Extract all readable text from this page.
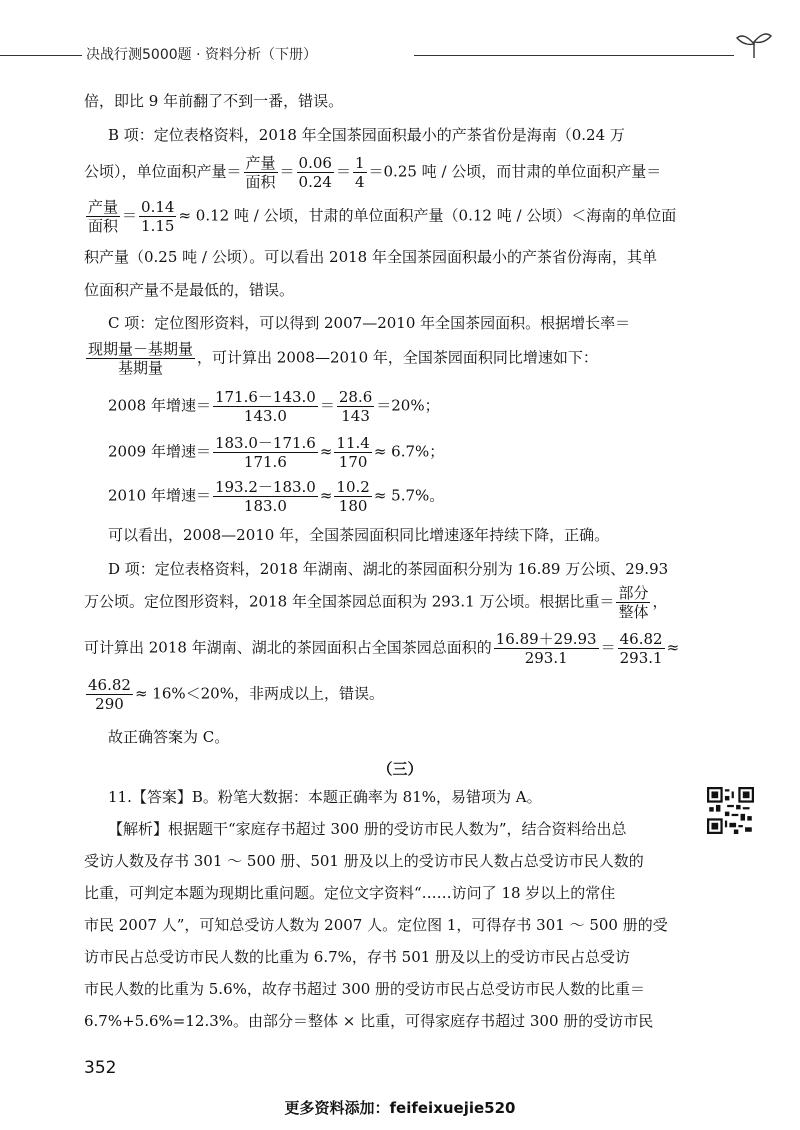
决战行测5000题 · 资料分析（下册）
倍，即比 9 年前翻了不到一番，错误。
B 项：定位表格资料，2018 年全国茶园面积最小的产茶省份是海南（0.24 万
公顷），单位面积产量＝ $\frac{\text{产量}}{\text{面积}} = \frac{0.06}{0.24} = \frac{1}{4} =0.25$ 吨 / 公顷，而甘肃的单位面积产量＝
$\frac{\text{产量}}{\text{面积}} = \frac{0.14}{1.15} \approx 0.12$ 吨 / 公顷，甘肃的单位面积产量（0.12 吨 / 公顷）＜海南的单位面
积产量（0.25 吨 / 公顷）。可以看出 2018 年全国茶园面积最小的产茶省份海南，其单
位面积产量不是最低的，错误。
C 项：定位图形资料，可以得到 2007—2010 年全国茶园面积。根据增长率＝
$\frac{\text{现期量－基期量}}{\text{基期量}}$ ，可计算出 2008—2010 年，全国茶园面积同比增速如下：
2008 年增速＝ $\frac{171.6-143.0}{143.0} = \frac{28.6}{143} =20\%$；
2009 年增速＝ $\frac{183.0-171.6}{171.6} \approx \frac{11.4}{170} \approx 6.7\%$；
2010 年增速＝ $\frac{193.2-183.0}{183.0} \approx \frac{10.2}{180} \approx 5.7\%$。
可以看出，2008—2010 年，全国茶园面积同比增速逐年持续下降，正确。
D 项：定位表格资料，2018 年湖南、湖北的茶园面积分别为 16.89 万公顷、29.93
万公顷。定位图形资料，2018 年全国茶园总面积为 293.1 万公顷。根据比重＝ $\frac{\text{部分}}{\text{整体}}$ ，
可计算出 2018 年湖南、湖北的茶园面积占全国茶园总面积的 $\frac{16.89+29.93}{293.1} = \frac{46.82}{293.1}$ ≈
$\frac{46.82}{290} \approx 16\%<20\%$，非两成以上，错误。
故正确答案为 C。
（三）
11.【答案】B。粉笔大数据：本题正确率为 81%，易错项为 A。
【解析】根据题干“家庭存书超过 300 册的受访市民人数为”，结合资料给出总
受访人数及存书 301 ～ 500 册、501 册及以上的受访市民人数占总受访市民人数的
比重，可判定本题为现期比重问题。定位文字资料“……访问了 18 岁以上的常住
市民 2007 人”，可知总受访人数为 2007 人。定位图 1，可得存书 301 ～ 500 册的受
访市民占总受访市民人数的比重为 6.7%，存书 501 册及以上的受访市民占总受访
市民人数的比重为 5.6%，故存书超过 300 册的受访市民占总受访市民人数的比重＝
6.7%+5.6%=12.3%。由部分＝整体 × 比重，可得家庭存书超过 300 册的受访市民
352
更多资料添加：feifeixuejie520
